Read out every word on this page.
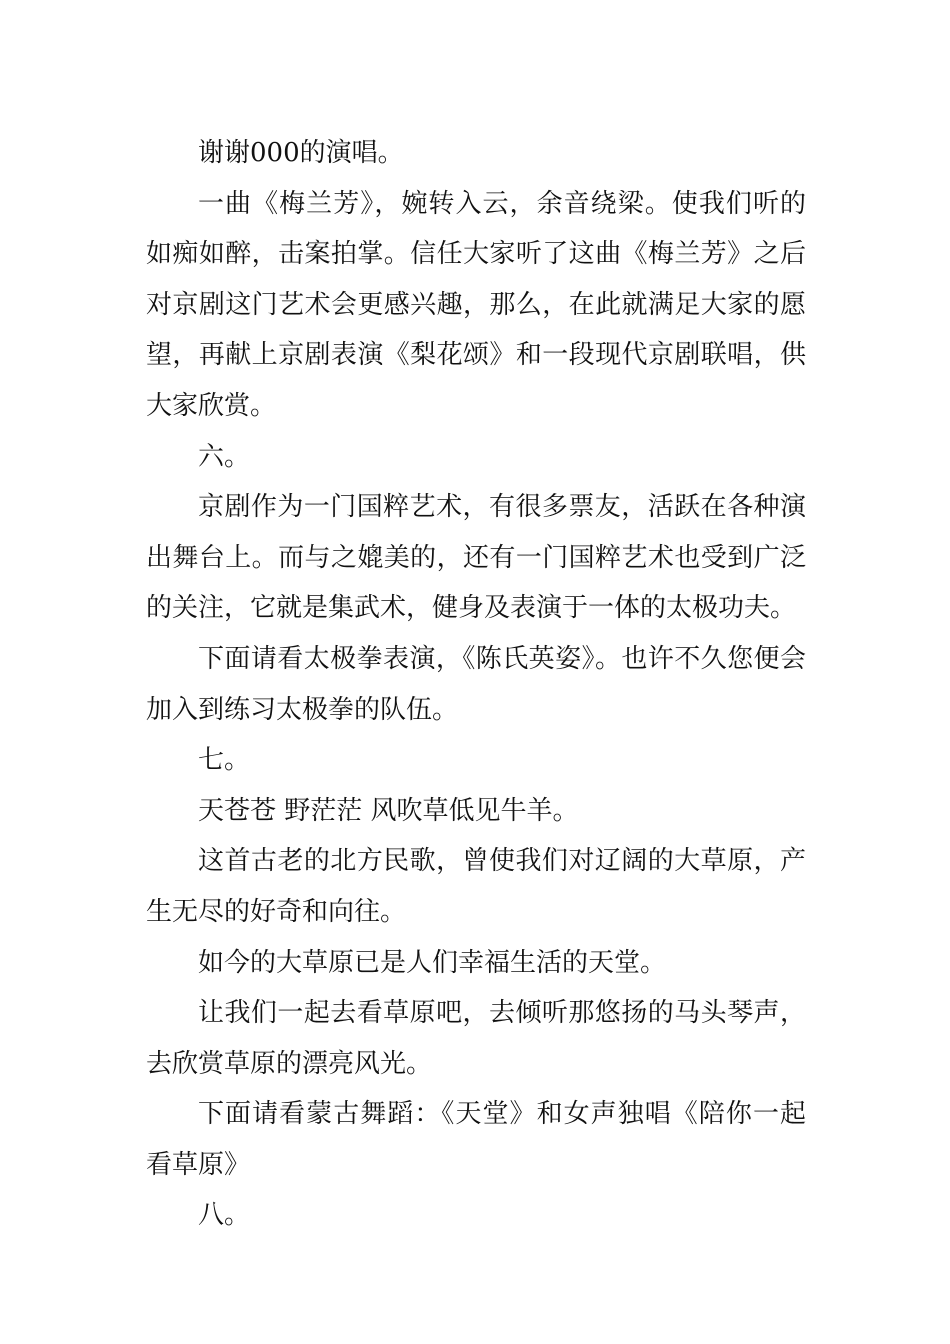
谢谢000的演唱。

一曲《梅兰芳》，婉转入云，余音绕梁。使我们听的如痴如醉，击案拍掌。信任大家听了这曲《梅兰芳》之后对京剧这门艺术会更感兴趣，那么，在此就满足大家的愿望，再献上京剧表演《梨花颂》和一段现代京剧联唱，供大家欣赏。

六。

京剧作为一门国粹艺术，有很多票友，活跃在各种演出舞台上。而与之媲美的，还有一门国粹艺术也受到广泛的关注，它就是集武术，健身及表演于一体的太极功夫。

下面请看太极拳表演，《陈氏英姿》。也许不久您便会加入到练习太极拳的队伍。

七。

天苍苍 野茫茫 风吹草低见牛羊。

这首古老的北方民歌，曾使我们对辽阔的大草原，产生无尽的好奇和向往。

如今的大草原已是人们幸福生活的天堂。

让我们一起去看草原吧，去倾听那悠扬的马头琴声，去欣赏草原的漂亮风光。

下面请看蒙古舞蹈：《天堂》和女声独唱《陪你一起看草原》

八。
